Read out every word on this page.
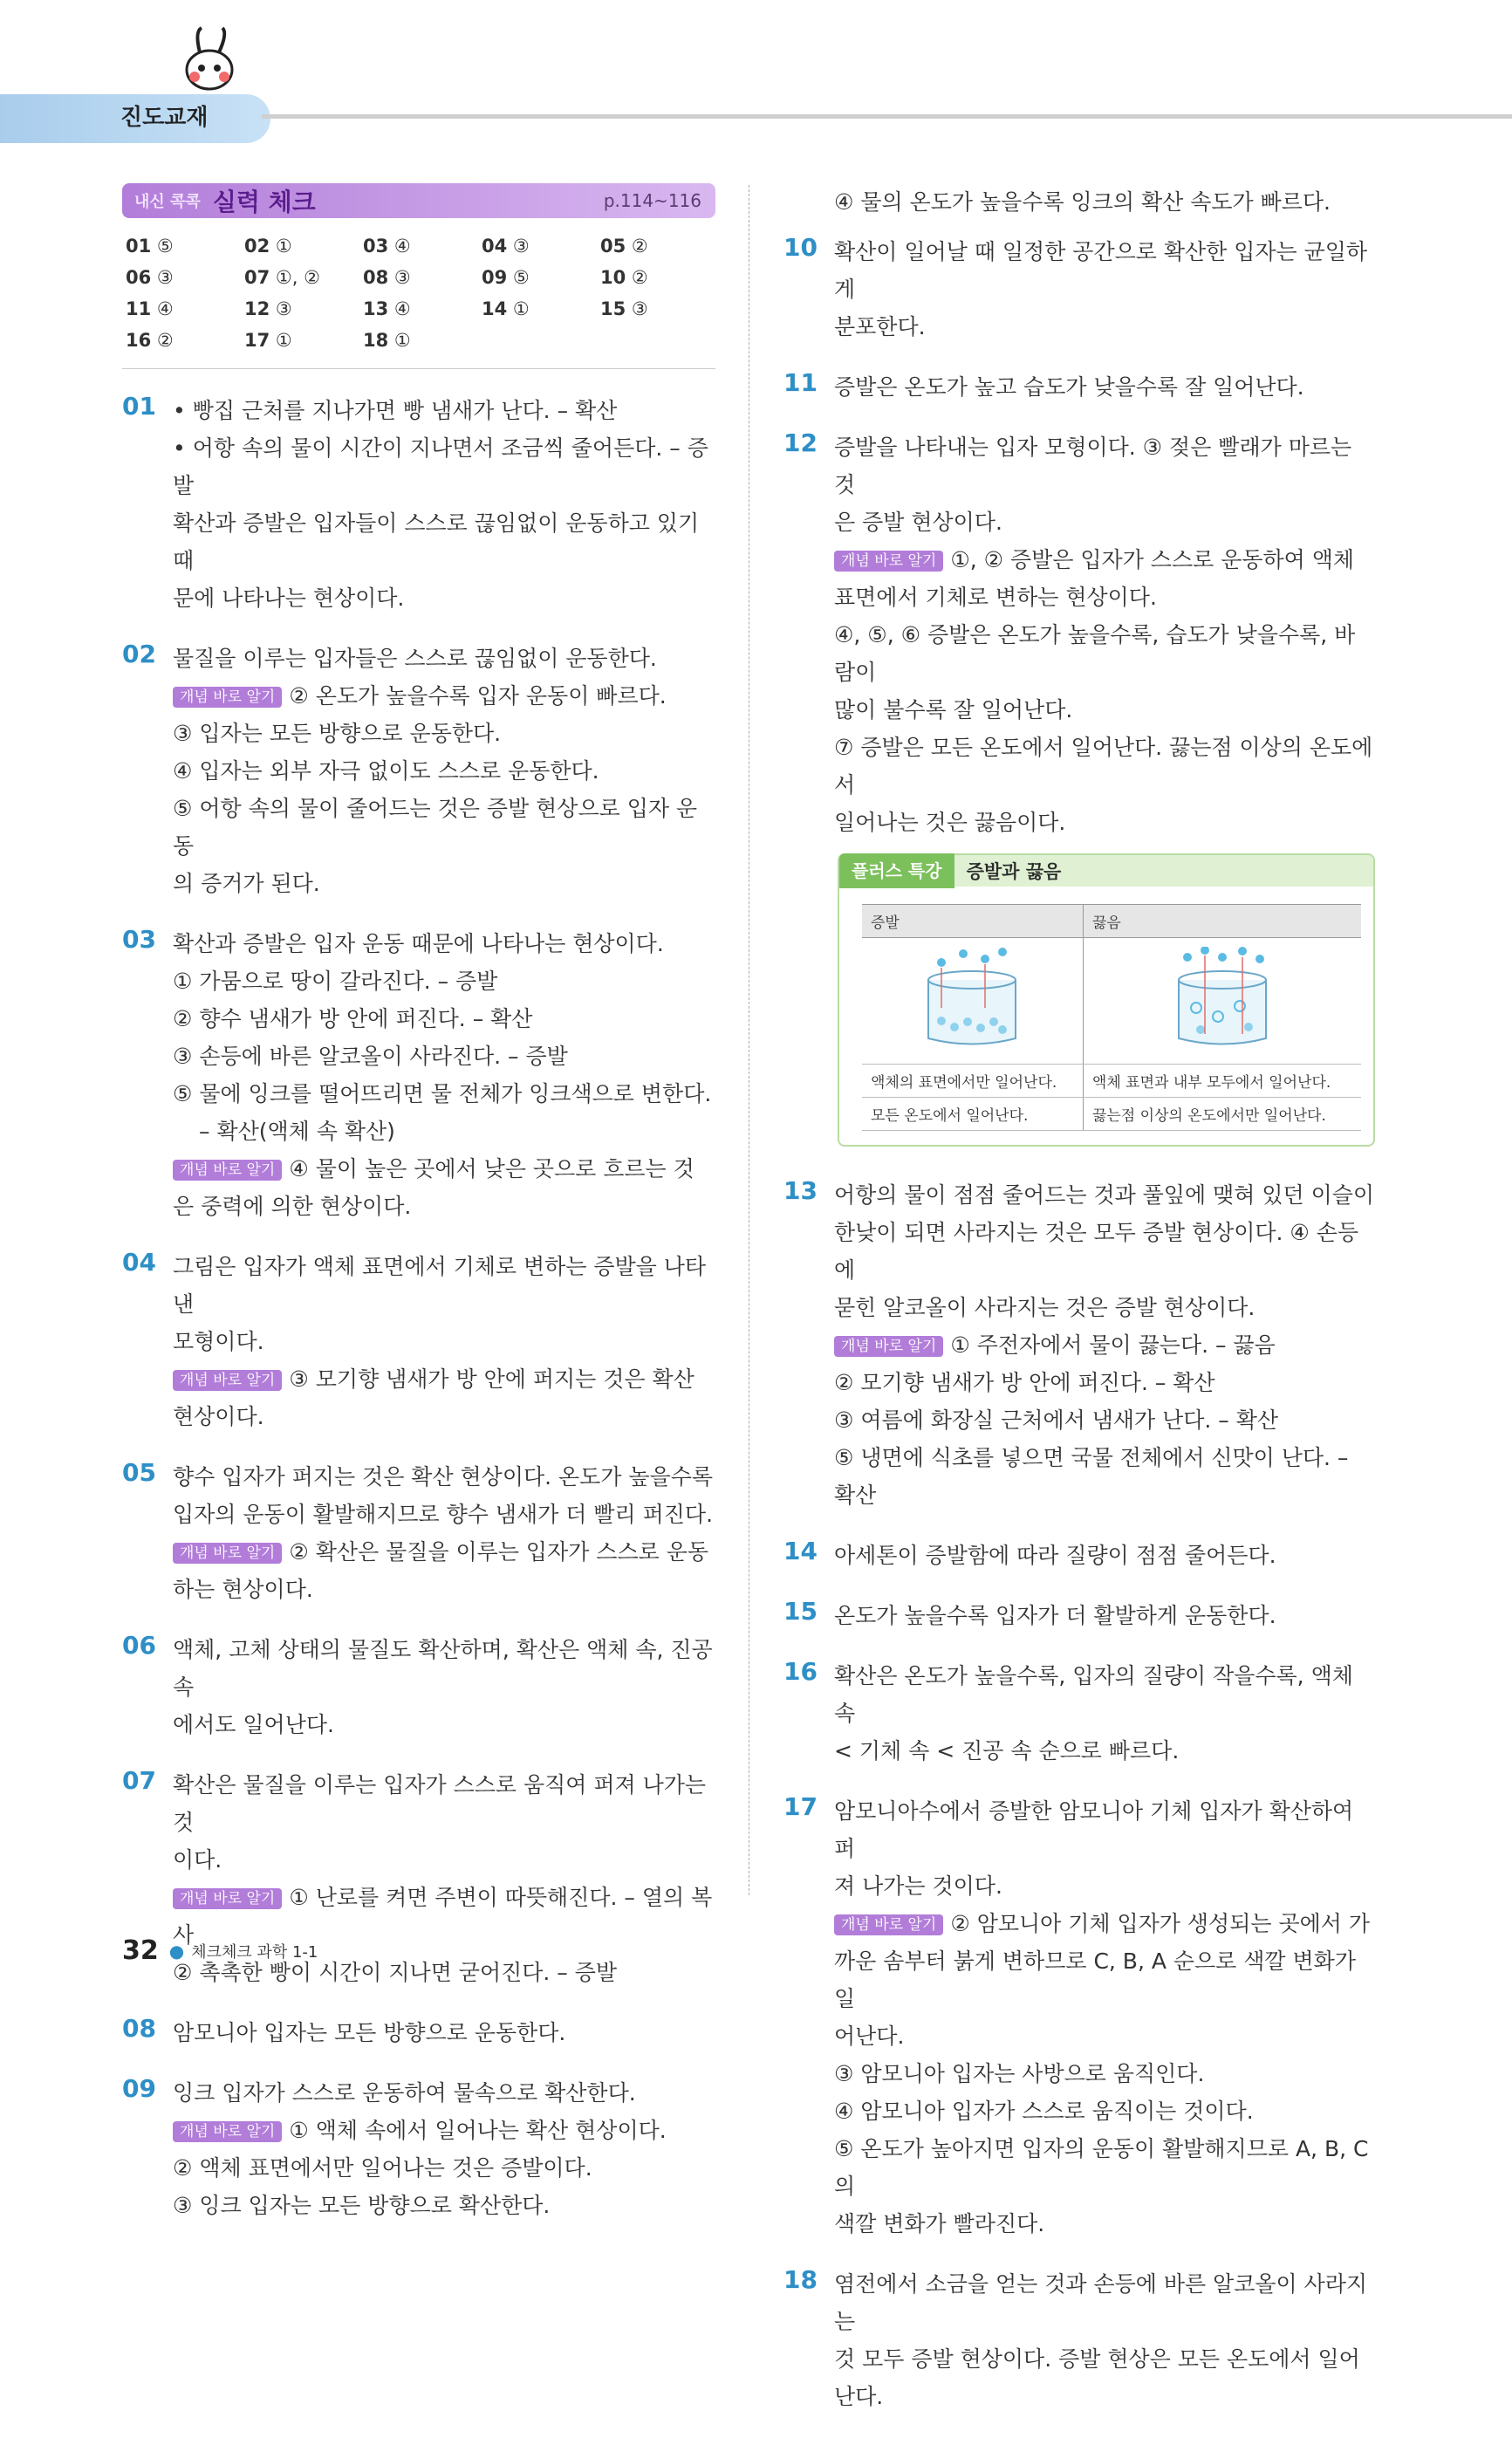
진도교재
내신 콕콕 실력 체크	p.114~116
01 ⑤	02 ①	03 ④	04 ③	05 ②
06 ③	07 ①, ②	08 ③	09 ⑤	10 ②
11 ④	12 ③	13 ④	14 ①	15 ③
16 ②	17 ①	18 ①
01 • 빵집 근처를 지나가면 빵 냄새가 난다. – 확산
• 어항 속의 물이 시간이 지나면서 조금씩 줄어든다. – 증발
확산과 증발은 입자들이 스스로 끊임없이 운동하고 있기 때
문에 나타나는 현상이다.
02 물질을 이루는 입자들은 스스로 끊임없이 운동한다.
개념 바로 알기 ② 온도가 높을수록 입자 운동이 빠르다.
③ 입자는 모든 방향으로 운동한다.
④ 입자는 외부 자극 없이도 스스로 운동한다.
⑤ 어항 속의 물이 줄어드는 것은 증발 현상으로 입자 운동
의 증거가 된다.
03 확산과 증발은 입자 운동 때문에 나타나는 현상이다.
① 가뭄으로 땅이 갈라진다. – 증발
② 향수 냄새가 방 안에 퍼진다. – 확산
③ 손등에 바른 알코올이 사라진다. – 증발
⑤ 물에 잉크를 떨어뜨리면 물 전체가 잉크색으로 변한다.
– 확산(액체 속 확산)
개념 바로 알기 ④ 물이 높은 곳에서 낮은 곳으로 흐르는 것
은 중력에 의한 현상이다.
04 그림은 입자가 액체 표면에서 기체로 변하는 증발을 나타낸
모형이다.
개념 바로 알기 ③ 모기향 냄새가 방 안에 퍼지는 것은 확산
현상이다.
05 향수 입자가 퍼지는 것은 확산 현상이다. 온도가 높을수록
입자의 운동이 활발해지므로 향수 냄새가 더 빨리 퍼진다.
개념 바로 알기 ② 확산은 물질을 이루는 입자가 스스로 운동
하는 현상이다.
06 액체, 고체 상태의 물질도 확산하며, 확산은 액체 속, 진공 속
에서도 일어난다.
07 확산은 물질을 이루는 입자가 스스로 움직여 퍼져 나가는 것
이다.
개념 바로 알기 ① 난로를 켜면 주변이 따뜻해진다. – 열의 복사
② 촉촉한 빵이 시간이 지나면 굳어진다. – 증발
08 암모니아 입자는 모든 방향으로 운동한다.
09 잉크 입자가 스스로 운동하여 물속으로 확산한다.
개념 바로 알기 ① 액체 속에서 일어나는 확산 현상이다.
② 액체 표면에서만 일어나는 것은 증발이다.
③ 잉크 입자는 모든 방향으로 확산한다.
④ 물의 온도가 높을수록 잉크의 확산 속도가 빠르다.
10 확산이 일어날 때 일정한 공간으로 확산한 입자는 균일하게
분포한다.
11 증발은 온도가 높고 습도가 낮을수록 잘 일어난다.
12 증발을 나타내는 입자 모형이다. ③ 젖은 빨래가 마르는 것
은 증발 현상이다.
개념 바로 알기 ①, ② 증발은 입자가 스스로 운동하여 액체
표면에서 기체로 변하는 현상이다.
④, ⑤, ⑥ 증발은 온도가 높을수록, 습도가 낮을수록, 바람이
많이 불수록 잘 일어난다.
⑦ 증발은 모든 온도에서 일어난다. 끓는점 이상의 온도에서
일어나는 것은 끓음이다.
플러스 특강	증발과 끓음
증발	끓음

액체의 표면에서만 일어난다.	액체 표면과 내부 모두에서 일어난다.
모든 온도에서 일어난다.	끓는점 이상의 온도에서만 일어난다.
13 어항의 물이 점점 줄어드는 것과 풀잎에 맺혀 있던 이슬이
한낮이 되면 사라지는 것은 모두 증발 현상이다. ④ 손등에
묻힌 알코올이 사라지는 것은 증발 현상이다.
개념 바로 알기 ① 주전자에서 물이 끓는다. – 끓음
② 모기향 냄새가 방 안에 퍼진다. – 확산
③ 여름에 화장실 근처에서 냄새가 난다. – 확산
⑤ 냉면에 식초를 넣으면 국물 전체에서 신맛이 난다. – 확산
14 아세톤이 증발함에 따라 질량이 점점 줄어든다.
15 온도가 높을수록 입자가 더 활발하게 운동한다.
16 확산은 온도가 높을수록, 입자의 질량이 작을수록, 액체 속
< 기체 속 < 진공 속 순으로 빠르다.
17 암모니아수에서 증발한 암모니아 기체 입자가 확산하여 퍼
져 나가는 것이다.
개념 바로 알기 ② 암모니아 기체 입자가 생성되는 곳에서 가
까운 솜부터 붉게 변하므로 C, B, A 순으로 색깔 변화가 일
어난다.
③ 암모니아 입자는 사방으로 움직인다.
④ 암모니아 입자가 스스로 움직이는 것이다.
⑤ 온도가 높아지면 입자의 운동이 활발해지므로 A, B, C의
색깔 변화가 빨라진다.
18 염전에서 소금을 얻는 것과 손등에 바른 알코올이 사라지는
것 모두 증발 현상이다. 증발 현상은 모든 온도에서 일어난다.
32 ● 체크체크 과학 1-1
